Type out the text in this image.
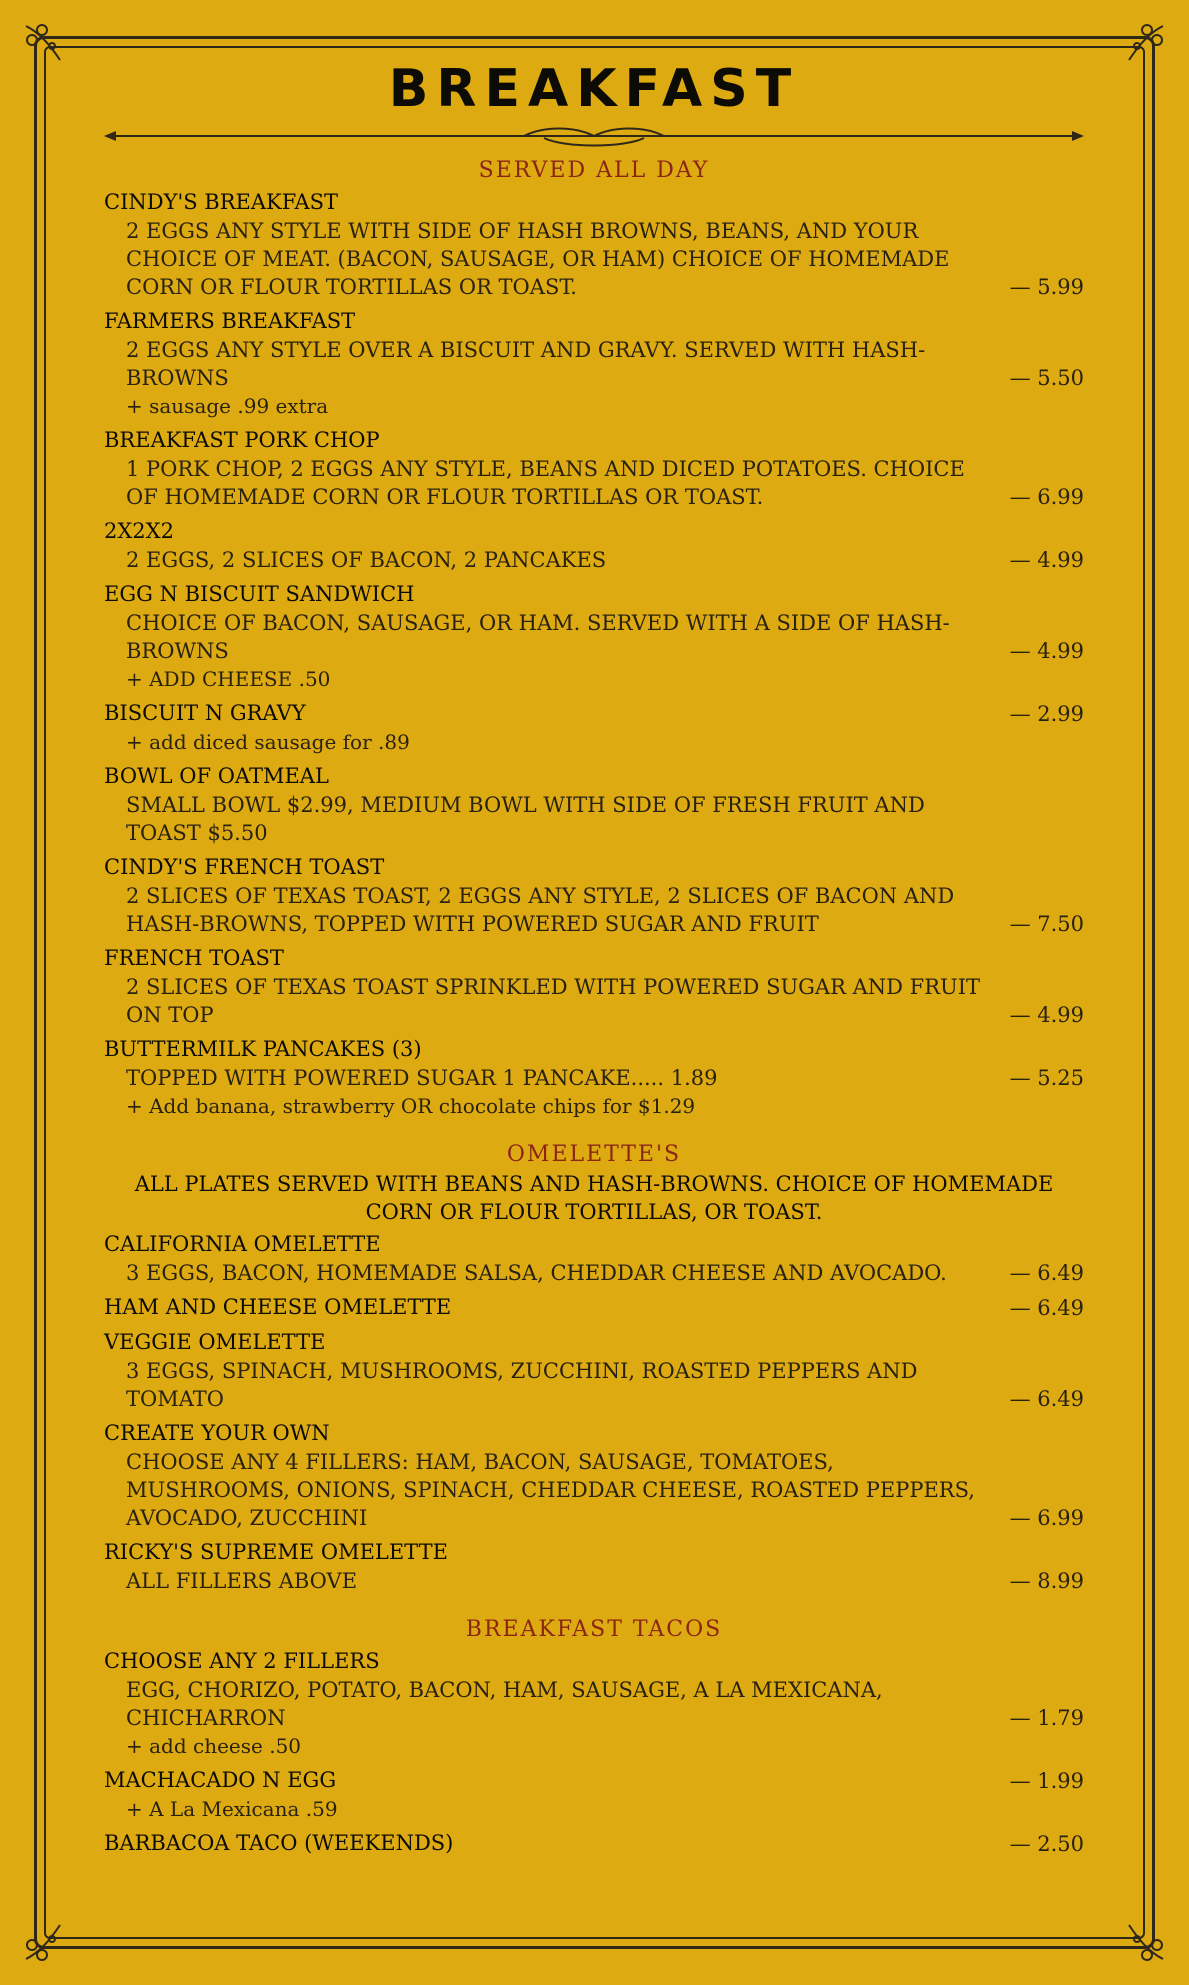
BREAKFAST
SERVED ALL DAY
CINDY'S BREAKFAST
2 EGGS ANY STYLE WITH SIDE OF HASH BROWNS, BEANS, AND YOUR CHOICE OF MEAT. (BACON, SAUSAGE, OR HAM) CHOICE OF HOMEMADE CORN OR FLOUR TORTILLAS OR TOAST.	— 5.99
FARMERS BREAKFAST
2 EGGS ANY STYLE OVER A BISCUIT AND GRAVY. SERVED WITH HASH-BROWNS	— 5.50
+ sausage .99 extra
BREAKFAST PORK CHOP
1 PORK CHOP, 2 EGGS ANY STYLE, BEANS AND DICED POTATOES. CHOICE OF HOMEMADE CORN OR FLOUR TORTILLAS OR TOAST.	— 6.99
2X2X2
2 EGGS, 2 SLICES OF BACON, 2 PANCAKES	— 4.99
EGG N BISCUIT SANDWICH
CHOICE OF BACON, SAUSAGE, OR HAM. SERVED WITH A SIDE OF HASH-BROWNS	— 4.99
+ ADD CHEESE .50
BISCUIT N GRAVY	— 2.99
+ add diced sausage for .89
BOWL OF OATMEAL
SMALL BOWL $2.99, MEDIUM BOWL WITH SIDE OF FRESH FRUIT AND TOAST $5.50
CINDY'S FRENCH TOAST
2 SLICES OF TEXAS TOAST, 2 EGGS ANY STYLE, 2 SLICES OF BACON AND HASH-BROWNS, TOPPED WITH POWERED SUGAR AND FRUIT	— 7.50
FRENCH TOAST
2 SLICES OF TEXAS TOAST SPRINKLED WITH POWERED SUGAR AND FRUIT ON TOP	— 4.99
BUTTERMILK PANCAKES (3)
TOPPED WITH POWERED SUGAR 1 PANCAKE..... 1.89	— 5.25
+ Add banana, strawberry OR chocolate chips for $1.29
OMELETTE'S
ALL PLATES SERVED WITH BEANS AND HASH-BROWNS. CHOICE OF HOMEMADE CORN OR FLOUR TORTILLAS, OR TOAST.
CALIFORNIA OMELETTE
3 EGGS, BACON, HOMEMADE SALSA, CHEDDAR CHEESE AND AVOCADO.	— 6.49
HAM AND CHEESE OMELETTE	— 6.49
VEGGIE OMELETTE
3 EGGS, SPINACH, MUSHROOMS, ZUCCHINI, ROASTED PEPPERS AND TOMATO	— 6.49
CREATE YOUR OWN
CHOOSE ANY 4 FILLERS: HAM, BACON, SAUSAGE, TOMATOES, MUSHROOMS, ONIONS, SPINACH, CHEDDAR CHEESE, ROASTED PEPPERS, AVOCADO, ZUCCHINI	— 6.99
RICKY'S SUPREME OMELETTE
ALL FILLERS ABOVE	— 8.99
BREAKFAST TACOS
CHOOSE ANY 2 FILLERS
EGG, CHORIZO, POTATO, BACON, HAM, SAUSAGE, A LA MEXICANA, CHICHARRON	— 1.79
+ add cheese .50
MACHACADO N EGG	— 1.99
+ A La Mexicana .59
BARBACOA TACO (WEEKENDS)	— 2.50
